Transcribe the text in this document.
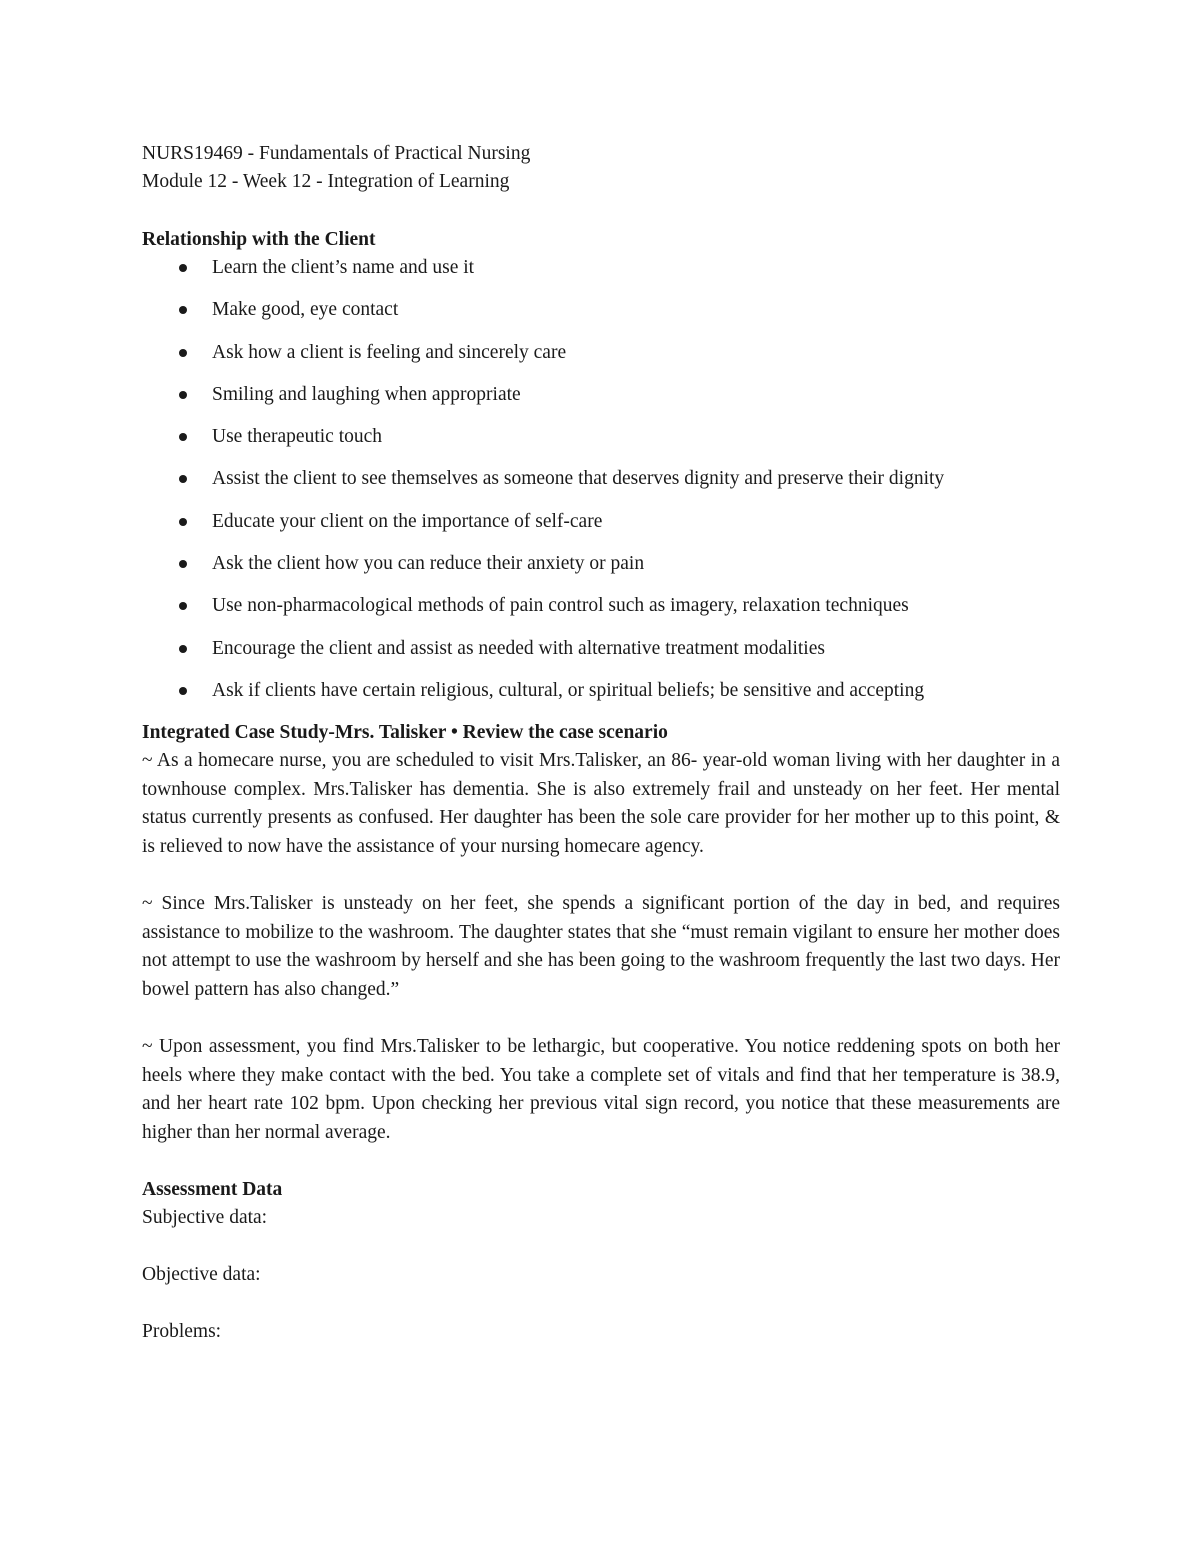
NURS19469 - Fundamentals of Practical Nursing
Module 12 - Week 12 - Integration of Learning
Relationship with the Client
Learn the client’s name and use it
Make good, eye contact
Ask how a client is feeling and sincerely care
Smiling and laughing when appropriate
Use therapeutic touch
Assist the client to see themselves as someone that deserves dignity and preserve their dignity
Educate your client on the importance of self-care
Ask the client how you can reduce their anxiety or pain
Use non-pharmacological methods of pain control such as imagery, relaxation techniques
Encourage the client and assist as needed with alternative treatment modalities
Ask if clients have certain religious, cultural, or spiritual beliefs; be sensitive and accepting
Integrated Case Study-Mrs. Talisker • Review the case scenario

~ As a homecare nurse, you are scheduled to visit Mrs.Talisker, an 86- year-old woman living with her daughter in a townhouse complex. Mrs.Talisker has dementia. She is also extremely frail and unsteady on her feet. Her mental status currently presents as confused. Her daughter has been the sole care provider for her mother up to this point, & is relieved to now have the assistance of your nursing homecare agency.

~ Since Mrs.Talisker is unsteady on her feet, she spends a significant portion of the day in bed, and requires assistance to mobilize to the washroom. The daughter states that she “must remain vigilant to ensure her mother does not attempt to use the washroom by herself and she has been going to the washroom frequently the last two days. Her bowel pattern has also changed.”

~ Upon assessment, you find Mrs.Talisker to be lethargic, but cooperative. You notice reddening spots on both her heels where they make contact with the bed. You take a complete set of vitals and find that her temperature is 38.9, and her heart rate 102 bpm. Upon checking her previous vital sign record, you notice that these measurements are higher than her normal average.

Assessment Data
Subjective data:
Objective data:
Problems:
